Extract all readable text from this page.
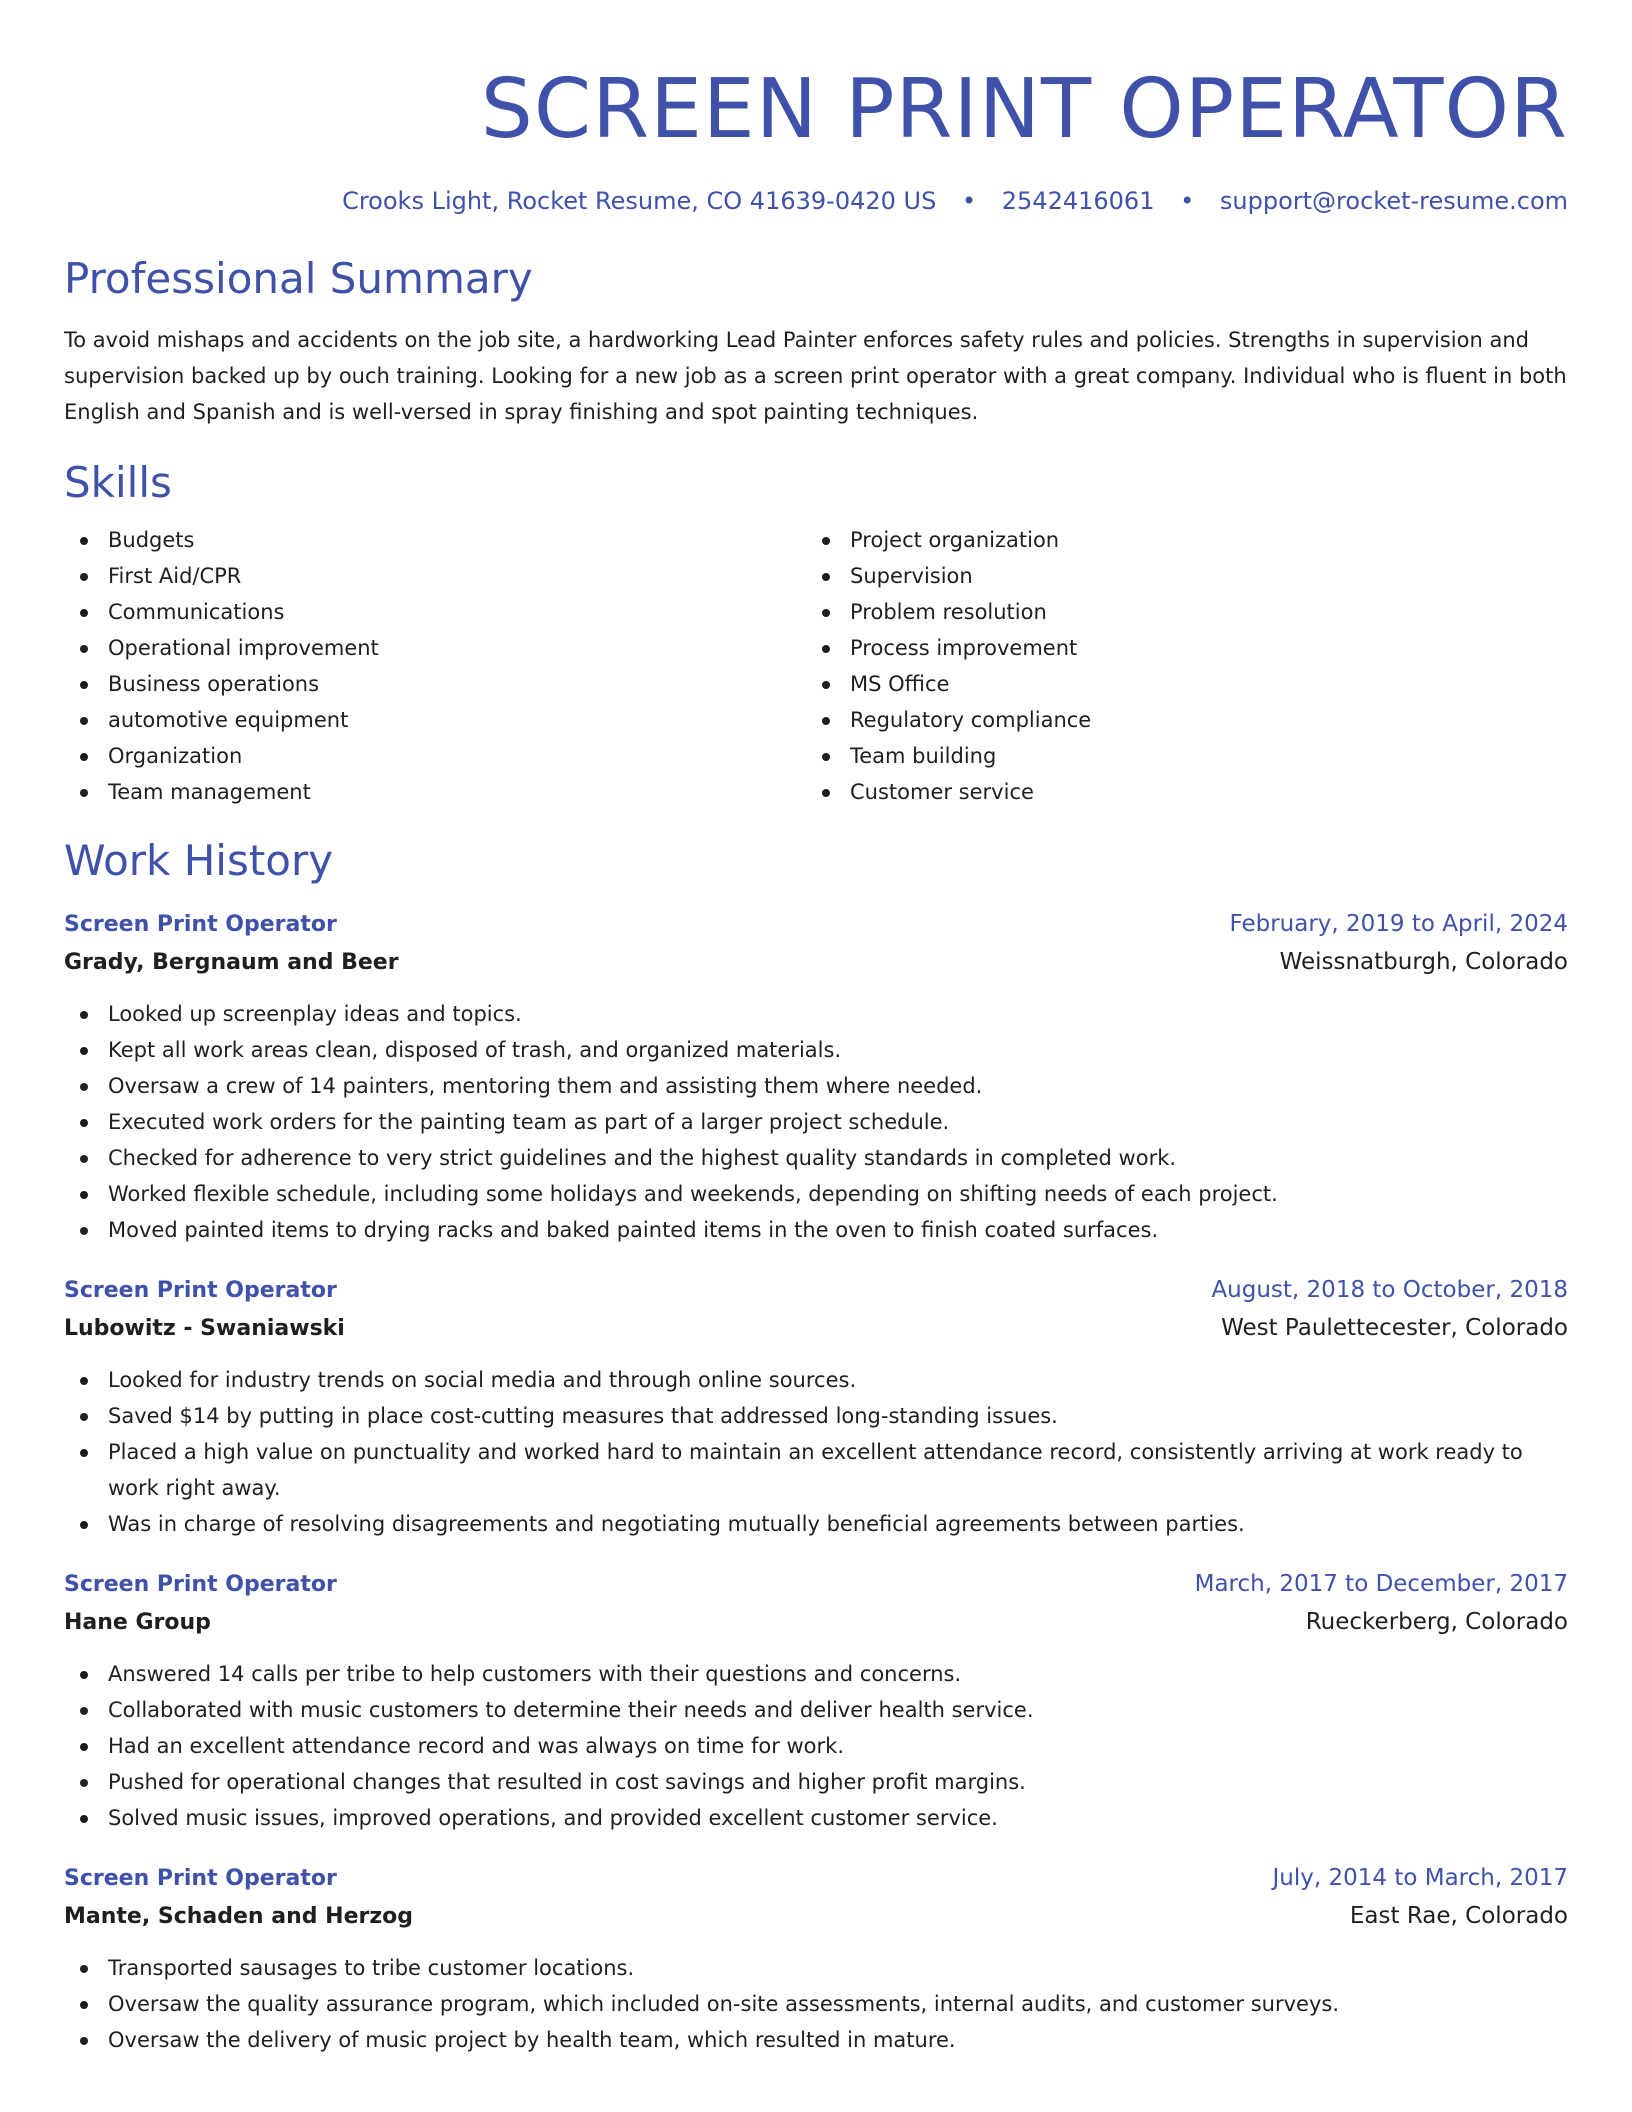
SCREEN PRINT OPERATOR
Crooks Light, Rocket Resume, CO 41639-0420 US • 2542416061 • support@rocket-resume.com
Professional Summary

To avoid mishaps and accidents on the job site, a hardworking Lead Painter enforces safety rules and policies. Strengths in supervision and supervision backed up by ouch training. Looking for a new job as a screen print operator with a great company. Individual who is fluent in both English and Spanish and is well-versed in spray finishing and spot painting techniques.

Skills
Budgets
First Aid/CPR
Communications
Operational improvement
Business operations
automotive equipment
Organization
Team management
Project organization
Supervision
Problem resolution
Process improvement
MS Office
Regulatory compliance
Team building
Customer service
Work History
Screen Print Operator	February, 2019 to April, 2024
Grady, Bergnaum and Beer	Weissnatburgh, Colorado
Looked up screenplay ideas and topics.
Kept all work areas clean, disposed of trash, and organized materials.
Oversaw a crew of 14 painters, mentoring them and assisting them where needed.
Executed work orders for the painting team as part of a larger project schedule.
Checked for adherence to very strict guidelines and the highest quality standards in completed work.
Worked flexible schedule, including some holidays and weekends, depending on shifting needs of each project.
Moved painted items to drying racks and baked painted items in the oven to finish coated surfaces.
Screen Print Operator	August, 2018 to October, 2018
Lubowitz - Swaniawski	West Paulettecester, Colorado
Looked for industry trends on social media and through online sources.
Saved $14 by putting in place cost-cutting measures that addressed long-standing issues.
Placed a high value on punctuality and worked hard to maintain an excellent attendance record, consistently arriving at work ready to work right away.
Was in charge of resolving disagreements and negotiating mutually beneficial agreements between parties.
Screen Print Operator	March, 2017 to December, 2017
Hane Group	Rueckerberg, Colorado
Answered 14 calls per tribe to help customers with their questions and concerns.
Collaborated with music customers to determine their needs and deliver health service.
Had an excellent attendance record and was always on time for work.
Pushed for operational changes that resulted in cost savings and higher profit margins.
Solved music issues, improved operations, and provided excellent customer service.
Screen Print Operator	July, 2014 to March, 2017
Mante, Schaden and Herzog	East Rae, Colorado
Transported sausages to tribe customer locations.
Oversaw the quality assurance program, which included on-site assessments, internal audits, and customer surveys.
Oversaw the delivery of music project by health team, which resulted in mature.
